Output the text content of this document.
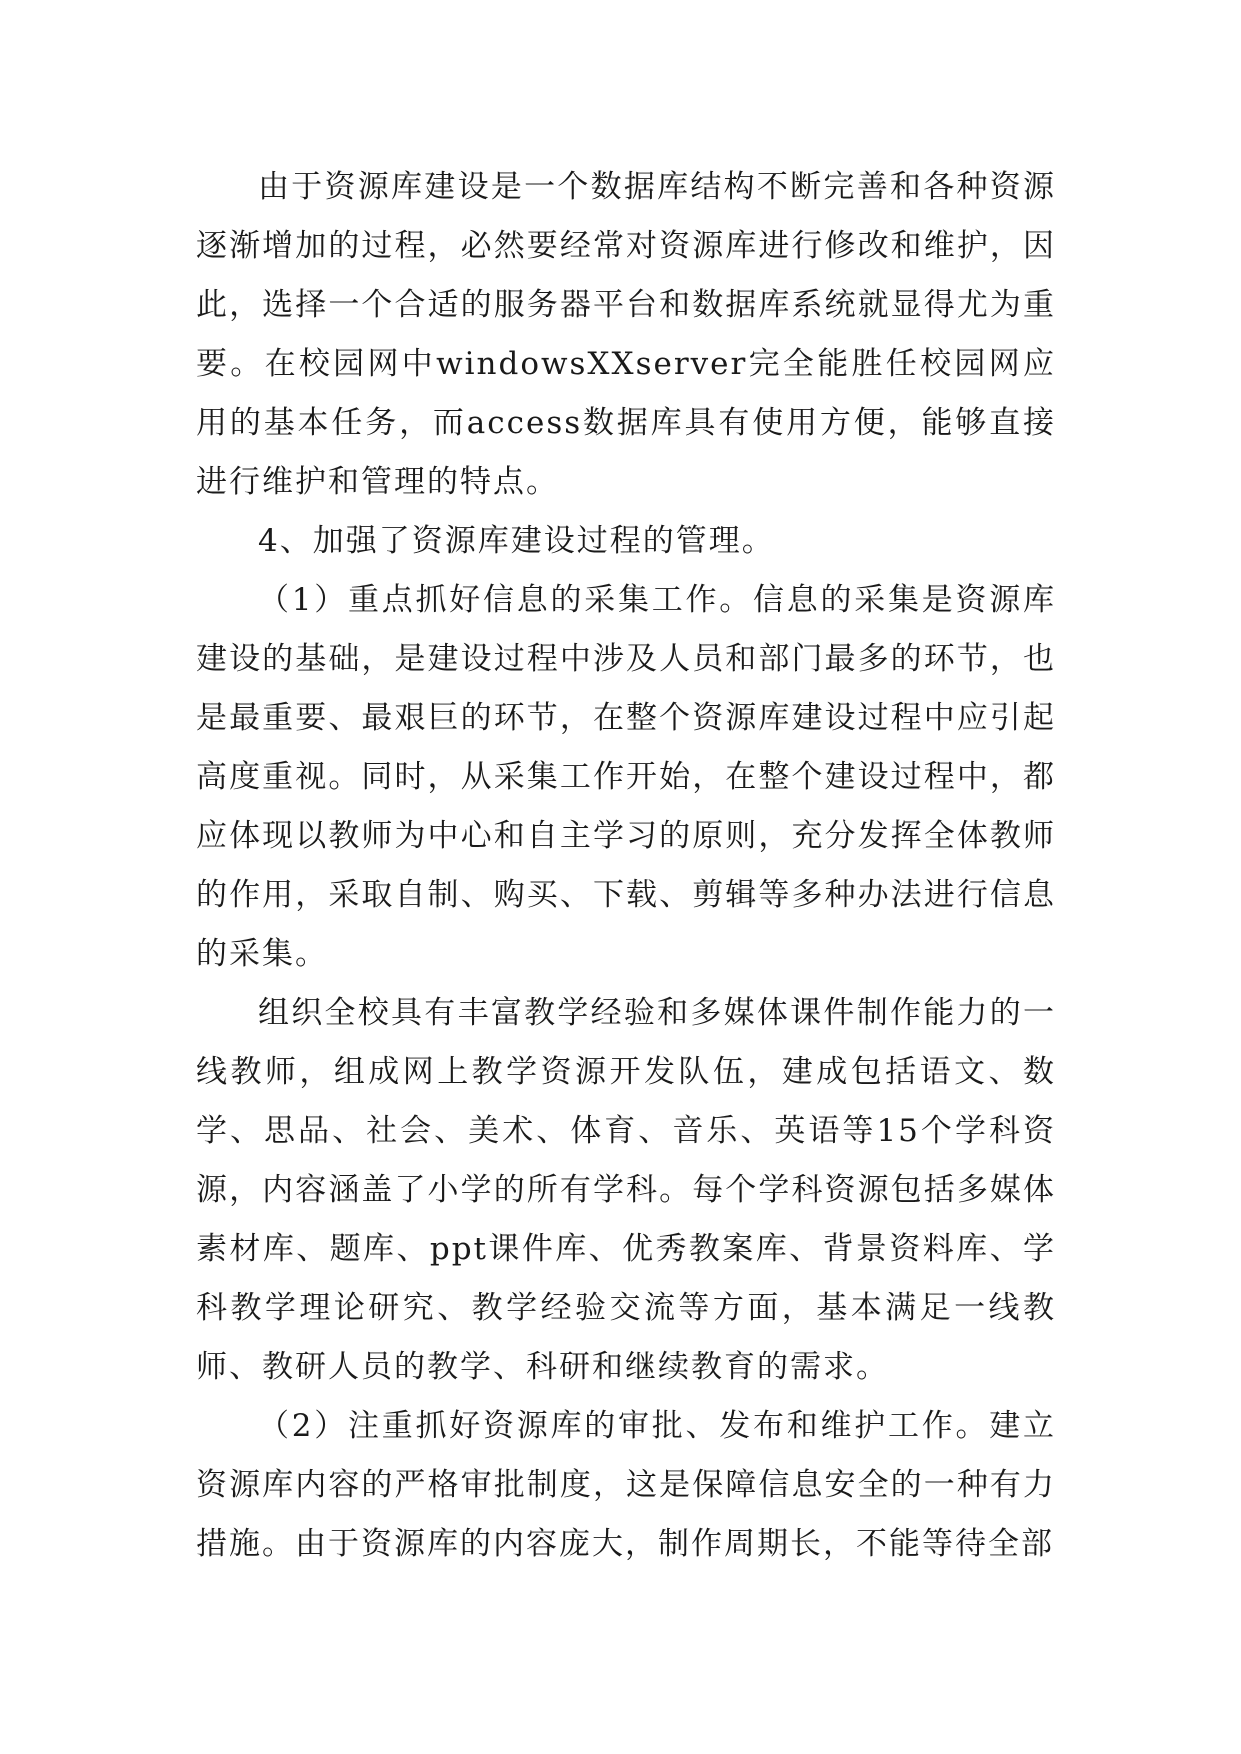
由于资源库建设是一个数据库结构不断完善和各种资源逐渐增加的过程，必然要经常对资源库进行修改和维护，因此，选择一个合适的服务器平台和数据库系统就显得尤为重要。在校园网中windowsXXserver完全能胜任校园网应用的基本任务，而access数据库具有使用方便，能够直接进行维护和管理的特点。

4、加强了资源库建设过程的管理。

（1）重点抓好信息的采集工作。信息的采集是资源库建设的基础，是建设过程中涉及人员和部门最多的环节，也是最重要、最艰巨的环节，在整个资源库建设过程中应引起高度重视。同时，从采集工作开始，在整个建设过程中，都应体现以教师为中心和自主学习的原则，充分发挥全体教师的作用，采取自制、购买、下载、剪辑等多种办法进行信息的采集。

组织全校具有丰富教学经验和多媒体课件制作能力的一线教师，组成网上教学资源开发队伍，建成包括语文、数学、思品、社会、美术、体育、音乐、英语等15个学科资源，内容涵盖了小学的所有学科。每个学科资源包括多媒体素材库、题库、ppt课件库、优秀教案库、背景资料库、学科教学理论研究、教学经验交流等方面，基本满足一线教师、教研人员的教学、科研和继续教育的需求。

（2）注重抓好资源库的审批、发布和维护工作。建立资源库内容的严格审批制度，这是保障信息安全的一种有力措施。由于资源库的内容庞大，制作周期长，不能等待全部
